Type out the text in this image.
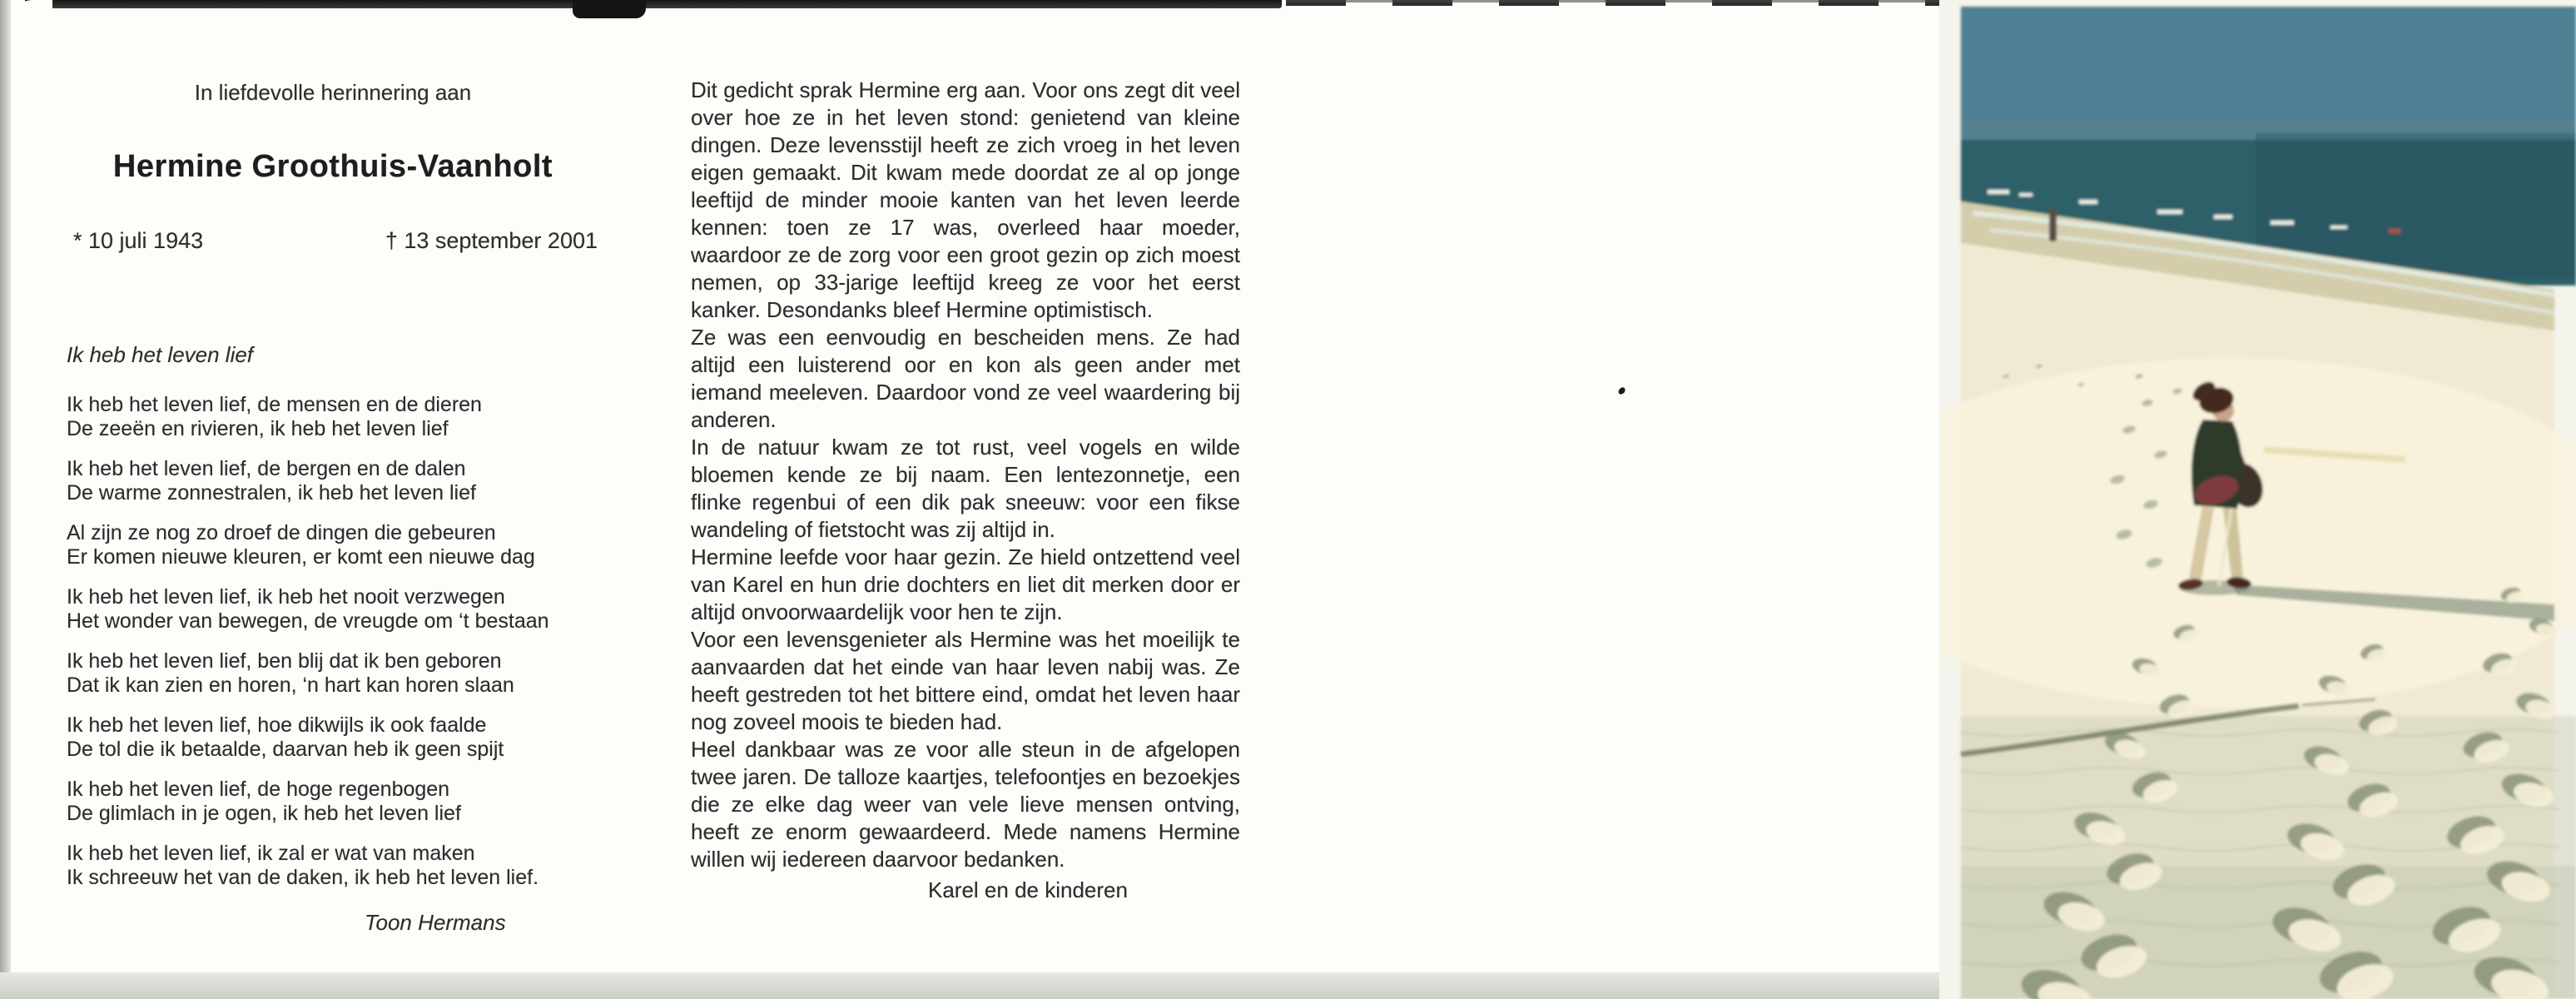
In liefdevolle herinnering aan
Hermine Groothuis-Vaanholt
* 10 juli 1943	† 13 september 2001
Ik heb het leven lief
Ik heb het leven lief, de mensen en de dieren
De zeeën en rivieren, ik heb het leven lief
Ik heb het leven lief, de bergen en de dalen
De warme zonnestralen, ik heb het leven lief
Al zijn ze nog zo droef de dingen die gebeuren
Er komen nieuwe kleuren, er komt een nieuwe dag
Ik heb het leven lief, ik heb het nooit verzwegen
Het wonder van bewegen, de vreugde om ‘t bestaan
Ik heb het leven lief, ben blij dat ik ben geboren
Dat ik kan zien en horen, ‘n hart kan horen slaan
Ik heb het leven lief, hoe dikwijls ik ook faalde
De tol die ik betaalde, daarvan heb ik geen spijt
Ik heb het leven lief, de hoge regenbogen
De glimlach in je ogen, ik heb het leven lief
Ik heb het leven lief, ik zal er wat van maken
Ik schreeuw het van de daken, ik heb het leven lief.
Toon Hermans

Dit gedicht sprak Hermine erg aan. Voor ons zegt dit veel over hoe ze in het leven stond: genietend van kleine dingen. Deze levensstijl heeft ze zich vroeg in het leven eigen gemaakt. Dit kwam mede doordat ze al op jonge leeftijd de minder mooie kanten van het leven leerde kennen: toen ze 17 was, overleed haar moeder, waardoor ze de zorg voor een groot gezin op zich moest nemen, op 33-jarige leeftijd kreeg ze voor het eerst kanker. Desondanks bleef Hermine optimistisch.

Ze was een eenvoudig en bescheiden mens. Ze had altijd een luisterend oor en kon als geen ander met iemand meeleven. Daardoor vond ze veel waardering bij anderen.

In de natuur kwam ze tot rust, veel vogels en wilde bloemen kende ze bij naam. Een lentezonnetje, een flinke regenbui of een dik pak sneeuw: voor een fikse wandeling of fietstocht was zij altijd in.

Hermine leefde voor haar gezin. Ze hield ontzettend veel van Karel en hun drie dochters en liet dit merken door er altijd onvoorwaardelijk voor hen te zijn.

Voor een levensgenieter als Hermine was het moeilijk te aanvaarden dat het einde van haar leven nabij was. Ze heeft gestreden tot het bittere eind, omdat het leven haar nog zoveel moois te bieden had.

Heel dankbaar was ze voor alle steun in de afgelopen twee jaren. De talloze kaartjes, telefoontjes en bezoekjes die ze elke dag weer van vele lieve mensen ontving, heeft ze enorm gewaardeerd. Mede namens Hermine willen wij iedereen daarvoor bedanken.

Karel en de kinderen
